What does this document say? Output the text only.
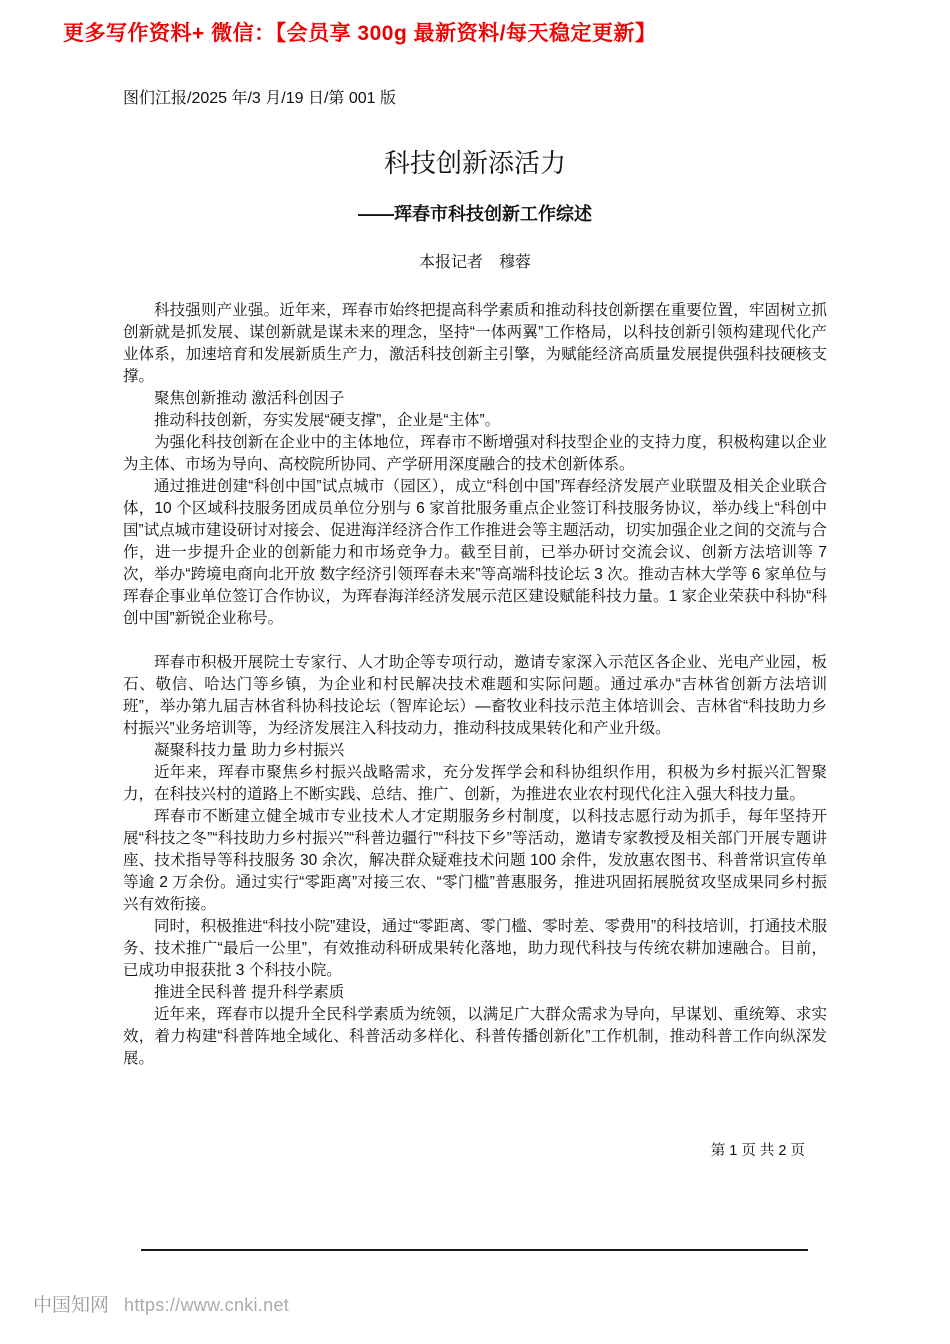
更多写作资料+ 微信：【会员享 300g 最新资料/每天稳定更新】
图们江报/2025 年/3 月/19 日/第 001 版
科技创新添活力
——珲春市科技创新工作综述
本报记者　穆蓉

科技强则产业强。近年来，珲春市始终把提高科学素质和推动科技创新摆在重要位置，牢固树立抓创新就是抓发展、谋创新就是谋未来的理念，坚持“一体两翼”工作格局，以科技创新引领构建现代化产业体系，加速培育和发展新质生产力，激活科技创新主引擎，为赋能经济高质量发展提供强科技硬核支撑。

聚焦创新推动 激活科创因子

推动科技创新，夯实发展“硬支撑”，企业是“主体”。

为强化科技创新在企业中的主体地位，珲春市不断增强对科技型企业的支持力度，积极构建以企业为主体、市场为导向、高校院所协同、产学研用深度融合的技术创新体系。

通过推进创建“科创中国”试点城市（园区），成立“科创中国”珲春经济发展产业联盟及相关企业联合体，10 个区域科技服务团成员单位分别与 6 家首批服务重点企业签订科技服务协议，举办线上“科创中国”试点城市建设研讨对接会、促进海洋经济合作工作推进会等主题活动，切实加强企业之间的交流与合作，进一步提升企业的创新能力和市场竞争力。截至目前，已举办研讨交流会议、创新方法培训等 7 次，举办“跨境电商向北开放 数字经济引领珲春未来”等高端科技论坛 3 次。推动吉林大学等 6 家单位与珲春企事业单位签订合作协议，为珲春海洋经济发展示范区建设赋能科技力量。1 家企业荣获中科协“科创中国”新锐企业称号。

珲春市积极开展院士专家行、人才助企等专项行动，邀请专家深入示范区各企业、光电产业园，板石、敬信、哈达门等乡镇，为企业和村民解决技术难题和实际问题。通过承办“吉林省创新方法培训班”，举办第九届吉林省科协科技论坛（智库论坛）—畜牧业科技示范主体培训会、吉林省“科技助力乡村振兴”业务培训等，为经济发展注入科技动力，推动科技成果转化和产业升级。

凝聚科技力量 助力乡村振兴

近年来，珲春市聚焦乡村振兴战略需求，充分发挥学会和科协组织作用，积极为乡村振兴汇智聚力，在科技兴村的道路上不断实践、总结、推广、创新，为推进农业农村现代化注入强大科技力量。

珲春市不断建立健全城市专业技术人才定期服务乡村制度，以科技志愿行动为抓手，每年坚持开展“科技之冬”“科技助力乡村振兴”“科普边疆行”“科技下乡”等活动，邀请专家教授及相关部门开展专题讲座、技术指导等科技服务 30 余次，解决群众疑难技术问题 100 余件，发放惠农图书、科普常识宣传单等逾 2 万余份。通过实行“零距离”对接三农、“零门槛”普惠服务，推进巩固拓展脱贫攻坚成果同乡村振兴有效衔接。

同时，积极推进“科技小院”建设，通过“零距离、零门槛、零时差、零费用”的科技培训，打通技术服务、技术推广“最后一公里”，有效推动科研成果转化落地，助力现代科技与传统农耕加速融合。目前，已成功申报获批 3 个科技小院。

推进全民科普 提升科学素质

近年来，珲春市以提升全民科学素质为统领，以满足广大群众需求为导向，早谋划、重统筹、求实效，着力构建“科普阵地全域化、科普活动多样化、科普传播创新化”工作机制，推动科普工作向纵深发展。

第 1 页 共 2 页
中国知网 https://www.cnki.net
